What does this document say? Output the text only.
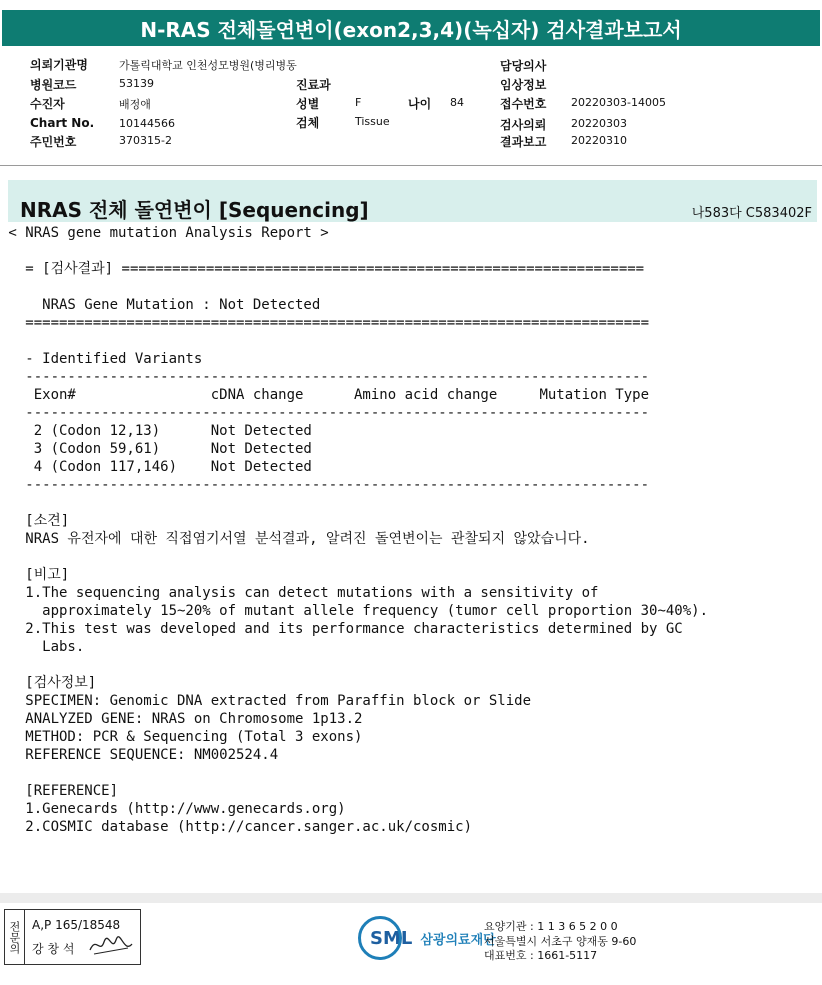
N-RAS 전체돌연변이(exon2,3,4)(녹십자) 검사결과보고서
의뢰기관명	가톨릭대학교 인천성모병원(병리병동
병원코드	53139
수진자	배정애
Chart No. 10144566
주민번호	370315-2
진료과
성별	F	나이 84
검체	Tissue
담당의사
임상정보
접수번호 20220303-14005
검사의뢰 20220303
결과보고 20220310
NRAS 전체 돌연변이 [Sequencing]	나583다 C583402F
< NRAS gene mutation Analysis Report >

= [검사결과] ==============================================================

NRAS Gene Mutation : Not Detected
==========================================================================

- Identified Variants
--------------------------------------------------------------------------
Exon#                cDNA change      Amino acid change     Mutation Type
--------------------------------------------------------------------------
2 (Codon 12,13)      Not Detected
3 (Codon 59,61)      Not Detected
4 (Codon 117,146)    Not Detected
--------------------------------------------------------------------------

[소견]
NRAS 유전자에 대한 직접염기서열 분석결과, 알려진 돌연변이는 관찰되지 않았습니다.

[비고]
1.The sequencing analysis can detect mutations with a sensitivity of
approximately 15~20% of mutant allele frequency (tumor cell proportion 30~40%).
2.This test was developed and its performance characteristics determined by GC
Labs.

[검사정보]
SPECIMEN: Genomic DNA extracted from Paraffin block or Slide
ANALYZED GENE: NRAS on Chromosome 1p13.2
METHOD: PCR & Sequencing (Total 3 exons)
REFERENCE SEQUENCE: NM002524.4

[REFERENCE]
1.Genecards (http://www.genecards.org)
2.COSMIC database (http://cancer.sanger.ac.uk/cosmic)
전문의 A,P 165/18548
강 창 석
SML 삼광의료재단
요양기관 : 1 1 3 6 5 2 0 0
서울특별시 서초구 양재동 9-60
대표번호 : 1661-5117
